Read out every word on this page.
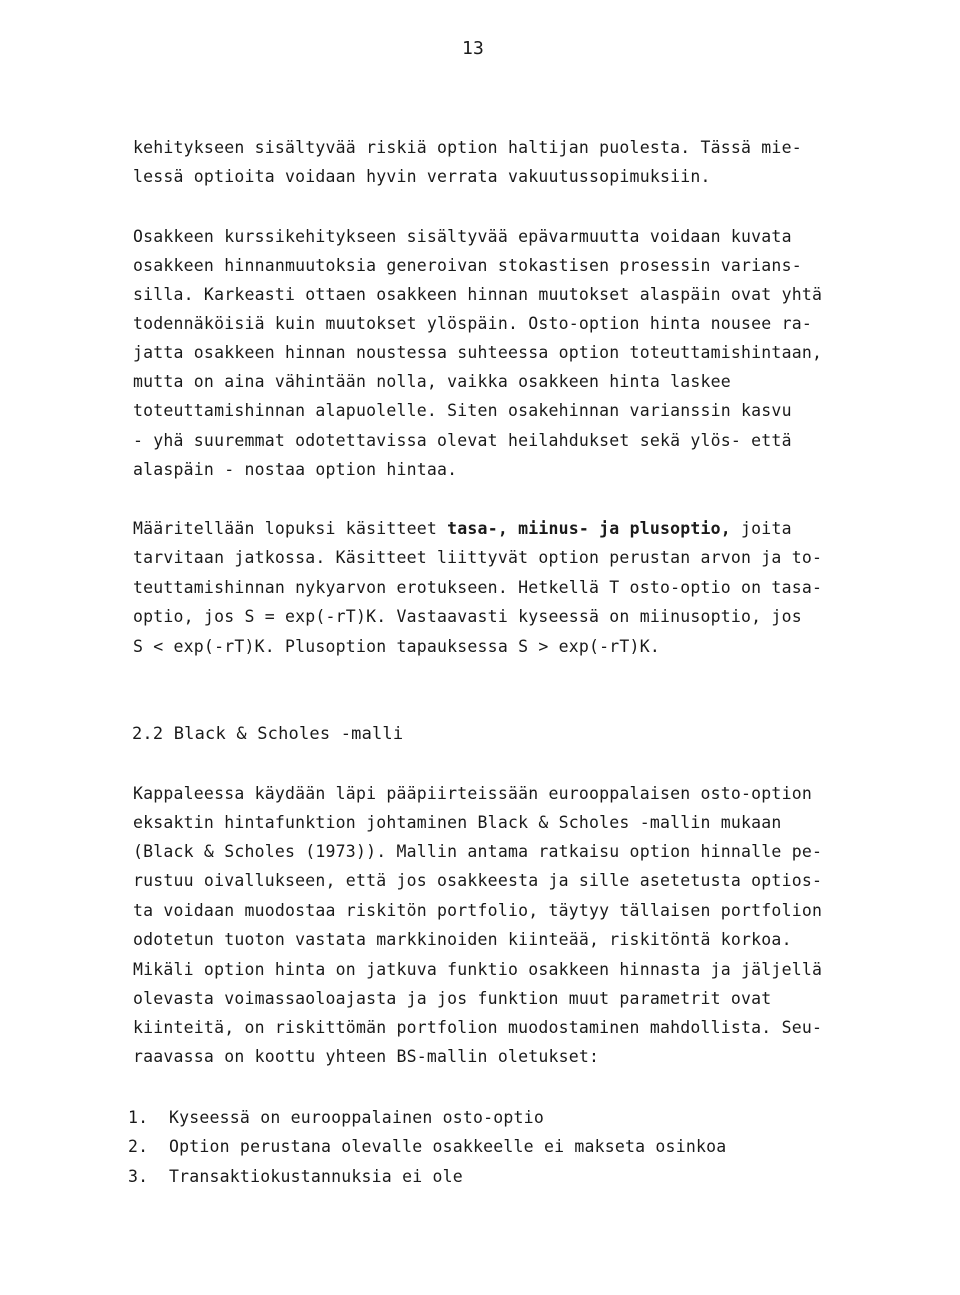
13
kehitykseen sisältyvää riskiä option haltijan puolesta. Tässä mie-
lessä optioita voidaan hyvin verrata vakuutussopimuksiin.
Osakkeen kurssikehitykseen sisältyvää epävarmuutta voidaan kuvata
osakkeen hinnanmuutoksia generoivan stokastisen prosessin varians-
silla. Karkeasti ottaen osakkeen hinnan muutokset alaspäin ovat yhtä
todennäköisiä kuin muutokset ylöspäin. Osto-option hinta nousee ra-
jatta osakkeen hinnan noustessa suhteessa option toteuttamishintaan,
mutta on aina vähintään nolla, vaikka osakkeen hinta laskee
toteuttamishinnan alapuolelle. Siten osakehinnan varianssin kasvu
- yhä suuremmat odotettavissa olevat heilahdukset sekä ylös- että
alaspäin - nostaa option hintaa.
Määritellään lopuksi käsitteet tasa-, miinus- ja plusoptio, joita
tarvitaan jatkossa. Käsitteet liittyvät option perustan arvon ja to-
teuttamishinnan nykyarvon erotukseen. Hetkellä T osto-optio on tasa-
optio, jos S = exp(-rT)K. Vastaavasti kyseessä on miinusoptio, jos
S < exp(-rT)K. Plusoption tapauksessa S > exp(-rT)K.
2.2 Black & Scholes -malli
Kappaleessa käydään läpi pääpiirteissään eurooppalaisen osto-option
eksaktin hintafunktion johtaminen Black & Scholes -mallin mukaan
(Black & Scholes (1973)). Mallin antama ratkaisu option hinnalle pe-
rustuu oivallukseen, että jos osakkeesta ja sille asetetusta optios-
ta voidaan muodostaa riskitön portfolio, täytyy tällaisen portfolion
odotetun tuoton vastata markkinoiden kiinteää, riskitöntä korkoa.
Mikäli option hinta on jatkuva funktio osakkeen hinnasta ja jäljellä
olevasta voimassaoloajasta ja jos funktion muut parametrit ovat
kiinteitä, on riskittömän portfolion muodostaminen mahdollista. Seu-
raavassa on koottu yhteen BS-mallin oletukset:
1. Kyseessä on eurooppalainen osto-optio
2. Option perustana olevalle osakkeelle ei makseta osinkoa
3. Transaktiokustannuksia ei ole
